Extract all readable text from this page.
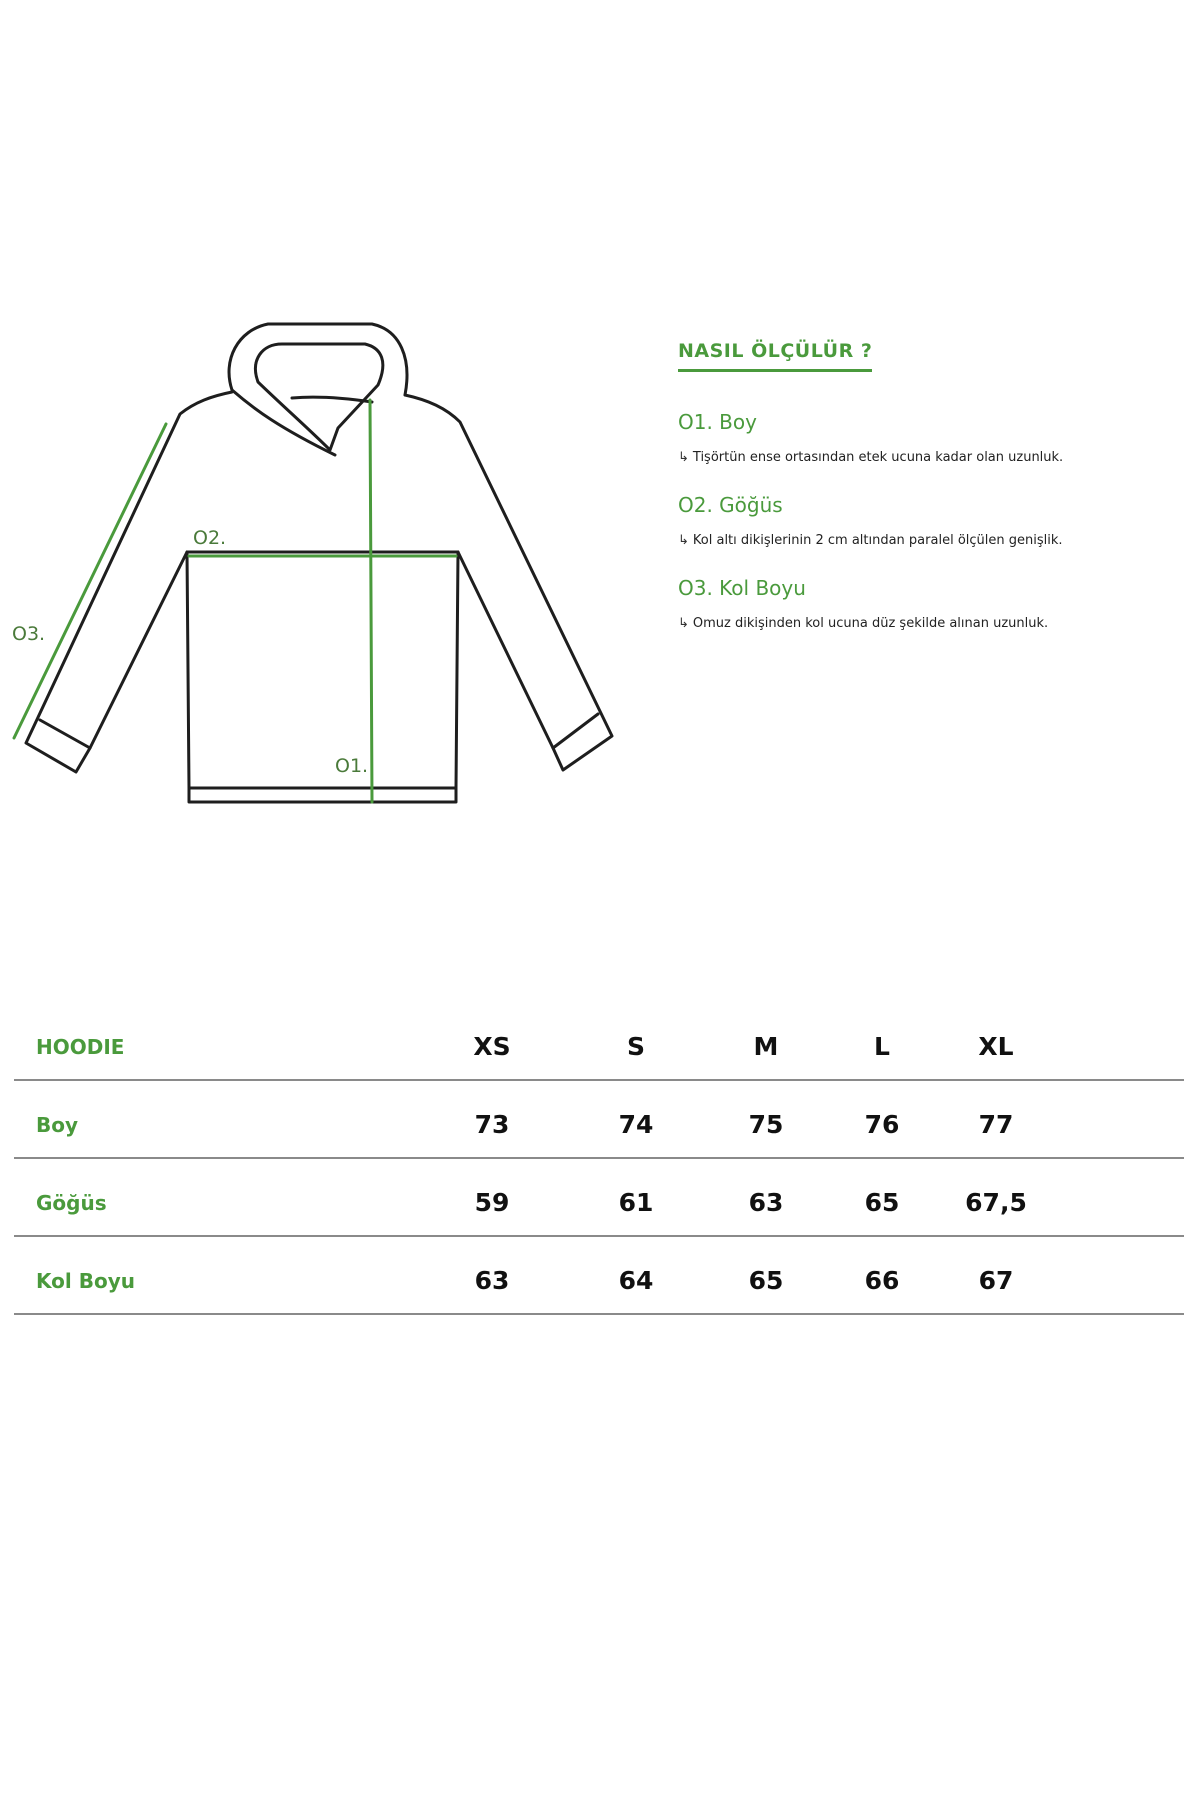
O1.
O2.
O3.
NASIL ÖLÇÜLÜR ?
O1. Boy
↳ Tişörtün ense ortasından etek ucuna kadar olan uzunluk.
O2. Göğüs
↳ Kol altı dikişlerinin 2 cm altından paralel ölçülen genişlik.
O3. Kol Boyu
↳ Omuz dikişinden kol ucuna düz şekilde alınan uzunluk.
HOODIE	XS	S	M	L	XL
Boy	73	74	75	76	77
Göğüs	59	61	63	65	67,5
Kol Boyu	63	64	65	66	67
